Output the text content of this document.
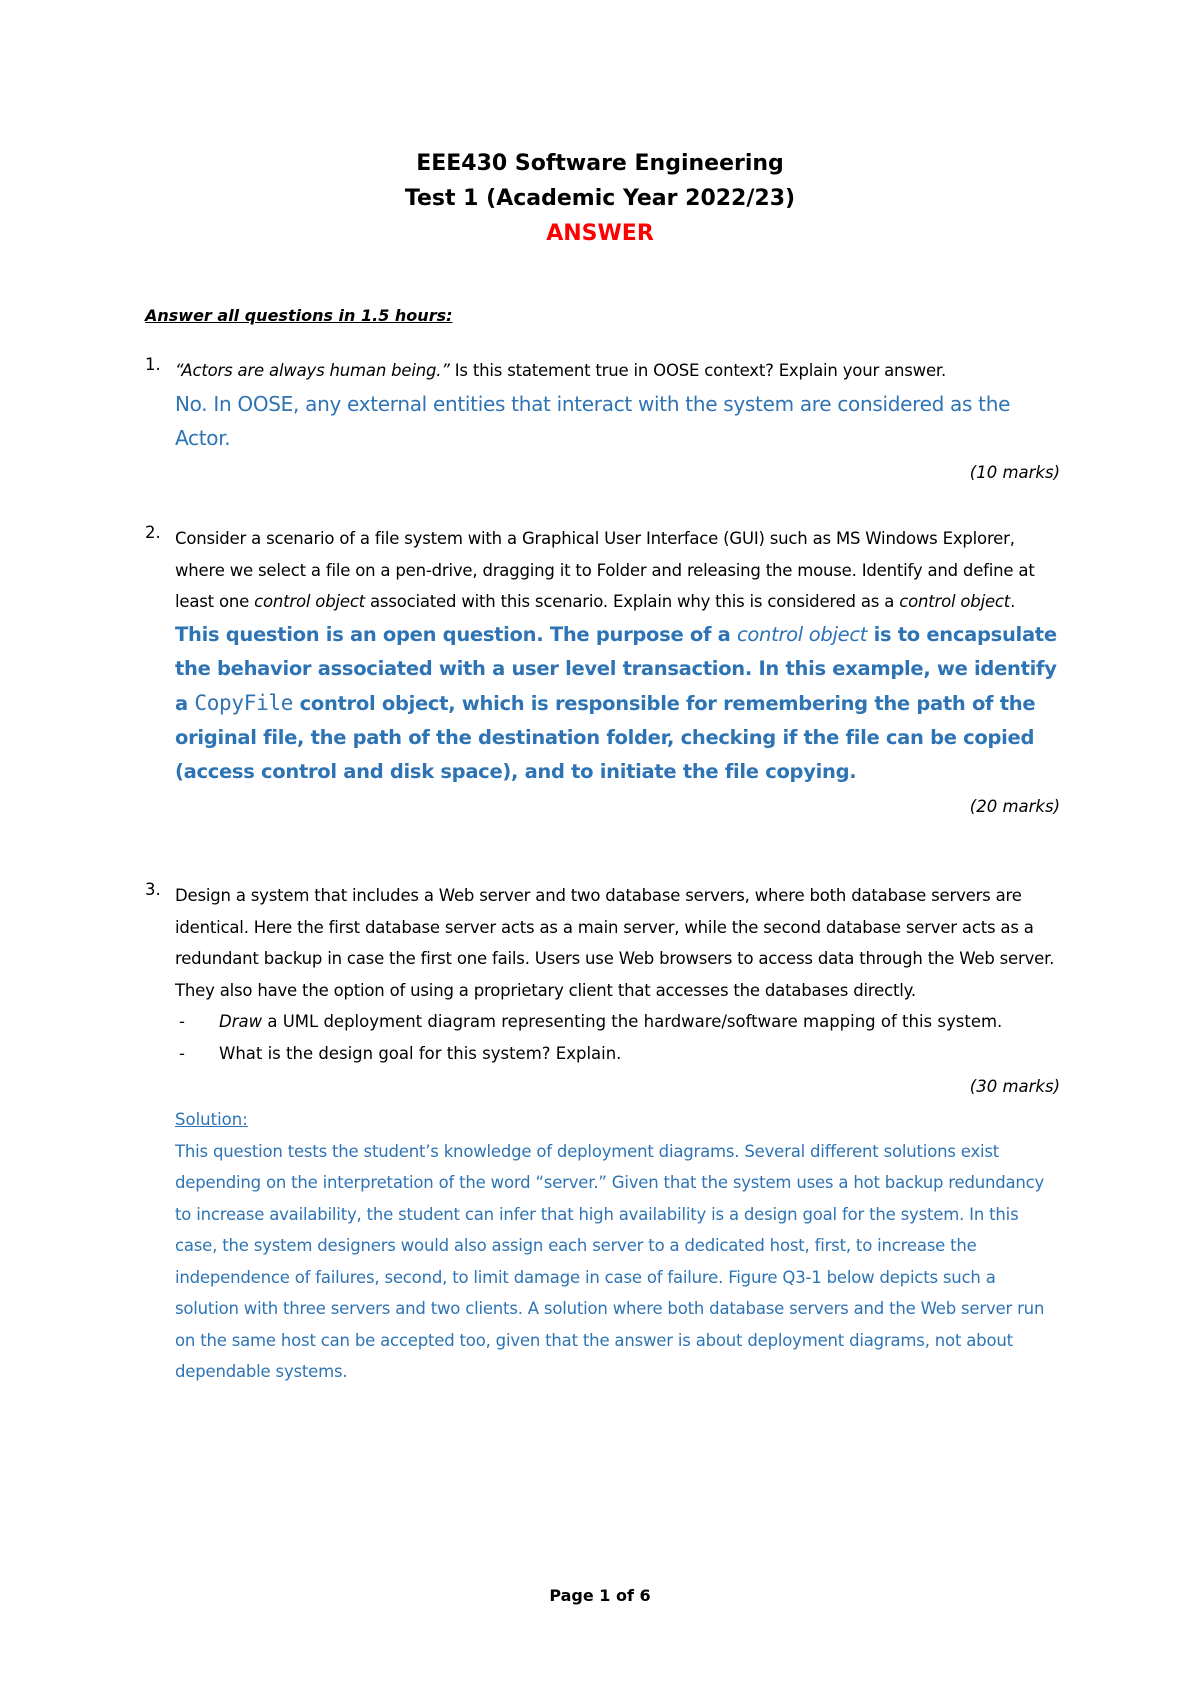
EEE430 Software Engineering
Test 1 (Academic Year 2022/23)
ANSWER
Answer all questions in 1.5 hours:
1. “Actors are always human being.” Is this statement true in OOSE context? Explain your answer.
No. In OOSE, any external entities that interact with the system are considered as the Actor.
(10 marks)
2. Consider a scenario of a file system with a Graphical User Interface (GUI) such as MS Windows Explorer, where we select a file on a pen-drive, dragging it to Folder and releasing the mouse. Identify and define at least one control object associated with this scenario. Explain why this is considered as a control object.
This question is an open question. The purpose of a control object is to encapsulate the behavior associated with a user level transaction. In this example, we identify a CopyFile control object, which is responsible for remembering the path of the original file, the path of the destination folder, checking if the file can be copied (access control and disk space), and to initiate the file copying.
(20 marks)
3. Design a system that includes a Web server and two database servers, where both database servers are identical. Here the first database server acts as a main server, while the second database server acts as a redundant backup in case the first one fails. Users use Web browsers to access data through the Web server. They also have the option of using a proprietary client that accesses the databases directly.
- Draw a UML deployment diagram representing the hardware/software mapping of this system.
- What is the design goal for this system? Explain.
(30 marks)
Solution:
This question tests the student’s knowledge of deployment diagrams. Several different solutions exist depending on the interpretation of the word “server.” Given that the system uses a hot backup redundancy to increase availability, the student can infer that high availability is a design goal for the system. In this case, the system designers would also assign each server to a dedicated host, first, to increase the independence of failures, second, to limit damage in case of failure. Figure Q3-1 below depicts such a solution with three servers and two clients. A solution where both database servers and the Web server run on the same host can be accepted too, given that the answer is about deployment diagrams, not about dependable systems.
Page 1 of 6
